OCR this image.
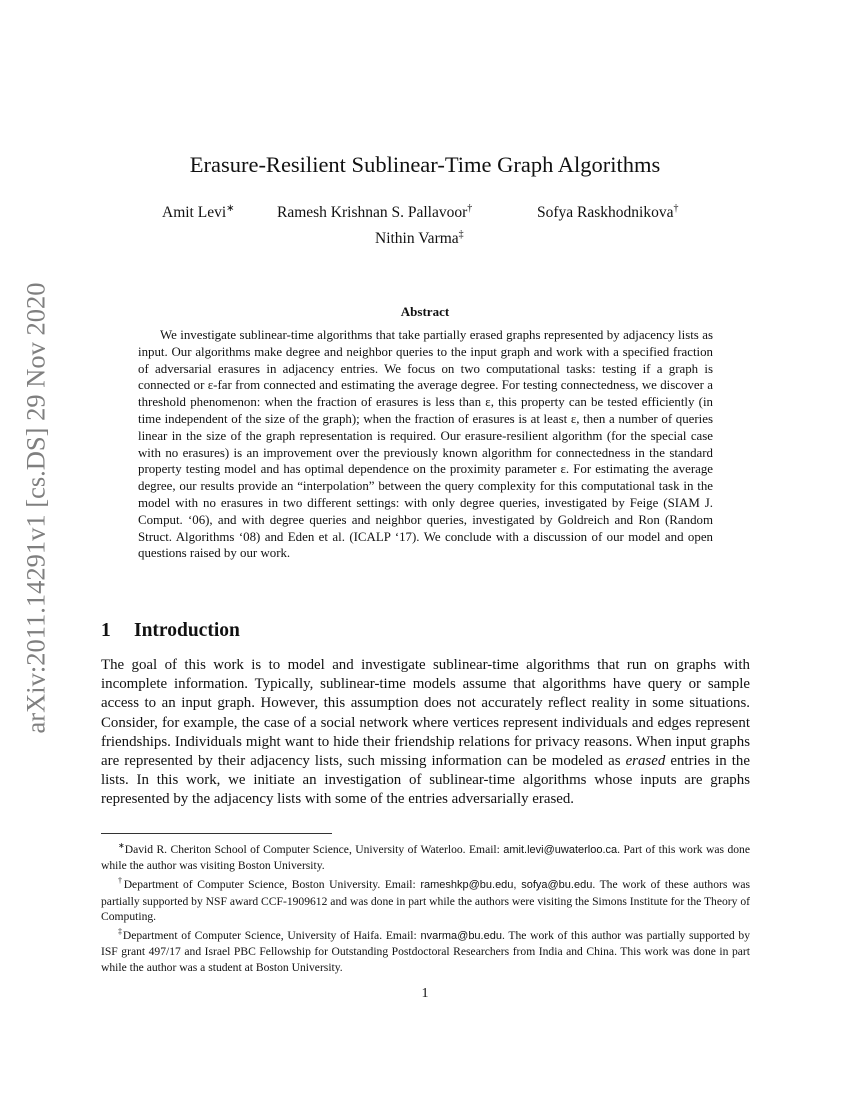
arXiv:2011.14291v1 [cs.DS] 29 Nov 2020
Erasure-Resilient Sublinear-Time Graph Algorithms
Amit Levi∗	Ramesh Krishnan S. Pallavoor†	Sofya Raskhodnikova†
Nithin Varma‡
Abstract
We investigate sublinear-time algorithms that take partially erased graphs represented by adjacency lists as input. Our algorithms make degree and neighbor queries to the input graph and work with a specified fraction of adversarial erasures in adjacency entries. We focus on two computational tasks: testing if a graph is connected or ε-far from connected and estimating the average degree. For testing connectedness, we discover a threshold phenomenon: when the fraction of erasures is less than ε, this property can be tested efficiently (in time independent of the size of the graph); when the fraction of erasures is at least ε, then a number of queries linear in the size of the graph representation is required. Our erasure-resilient algorithm (for the special case with no erasures) is an improvement over the previously known algorithm for connectedness in the standard property testing model and has optimal dependence on the proximity parameter ε. For estimating the average degree, our results provide an “interpolation” between the query complexity for this computational task in the model with no erasures in two different settings: with only degree queries, investigated by Feige (SIAM J. Comput. ‘06), and with degree queries and neighbor queries, investigated by Goldreich and Ron (Random Struct. Algorithms ‘08) and Eden et al. (ICALP ‘17). We conclude with a discussion of our model and open questions raised by our work.
1 Introduction
The goal of this work is to model and investigate sublinear-time algorithms that run on graphs with incomplete information. Typically, sublinear-time models assume that algorithms have query or sample access to an input graph. However, this assumption does not accurately reflect reality in some situations. Consider, for example, the case of a social network where vertices represent individuals and edges represent friendships. Individuals might want to hide their friendship relations for privacy reasons. When input graphs are represented by their adjacency lists, such missing information can be modeled as erased entries in the lists. In this work, we initiate an investigation of sublinear-time algorithms whose inputs are graphs represented by the adjacency lists with some of the entries adversarially erased.

∗David R. Cheriton School of Computer Science, University of Waterloo. Email: amit.levi@uwaterloo.ca. Part of this work was done while the author was visiting Boston University.

†Department of Computer Science, Boston University. Email: rameshkp@bu.edu, sofya@bu.edu. The work of these authors was partially supported by NSF award CCF-1909612 and was done in part while the authors were visiting the Simons Institute for the Theory of Computing.

‡Department of Computer Science, University of Haifa. Email: nvarma@bu.edu. The work of this author was partially supported by ISF grant 497/17 and Israel PBC Fellowship for Outstanding Postdoctoral Researchers from India and China. This work was done in part while the author was a student at Boston University.

1
